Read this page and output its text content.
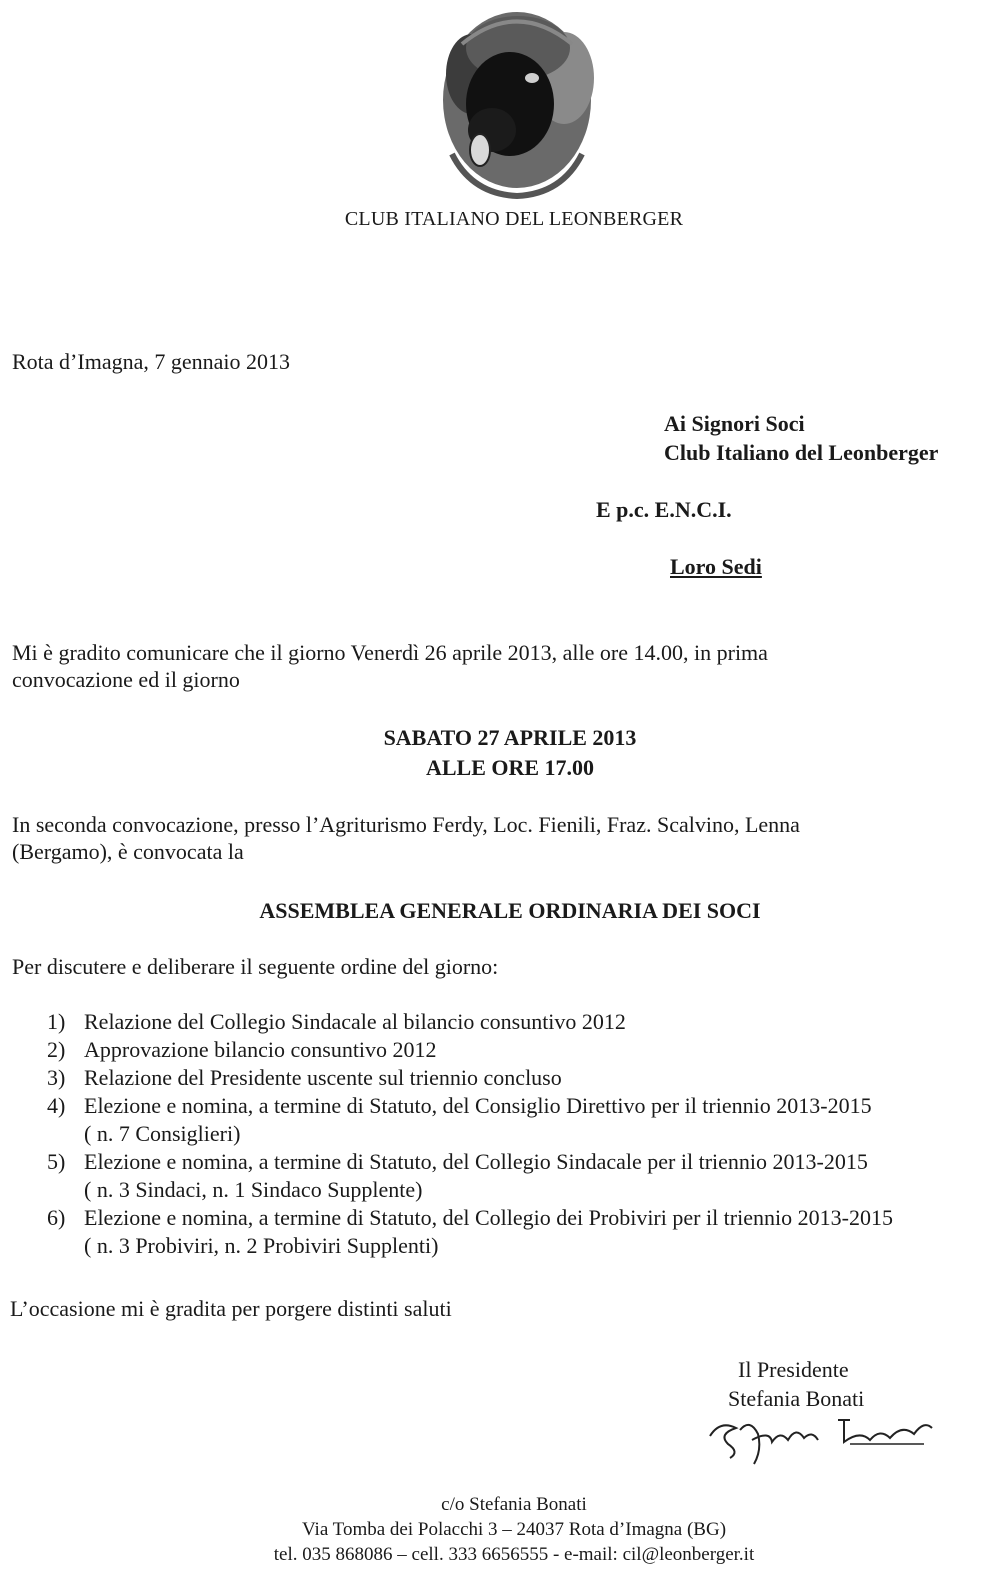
CLUB ITALIANO DEL LEONBERGER
Rota d’Imagna, 7 gennaio 2013
Ai Signori Soci
Club Italiano del Leonberger
E p.c. E.N.C.I.
Loro Sedi
Mi è gradito comunicare che il giorno Venerdì 26 aprile 2013, alle ore 14.00, in prima
convocazione ed il giorno
SABATO 27 APRILE 2013
ALLE ORE 17.00
In seconda convocazione, presso l’Agriturismo Ferdy, Loc. Fienili, Fraz. Scalvino, Lenna
(Bergamo), è convocata la
ASSEMBLEA GENERALE ORDINARIA DEI SOCI
Per discutere e deliberare il seguente ordine del giorno:
1) Relazione del Collegio Sindacale al bilancio consuntivo 2012
2) Approvazione bilancio consuntivo 2012
3) Relazione del Presidente uscente sul triennio concluso
4) Elezione e nomina, a termine di Statuto, del Consiglio Direttivo per il triennio 2013-2015
( n. 7 Consiglieri)
5) Elezione e nomina, a termine di Statuto, del Collegio Sindacale per il triennio 2013-2015
( n. 3 Sindaci, n. 1 Sindaco Supplente)
6) Elezione e nomina, a termine di Statuto, del Collegio dei Probiviri per il triennio 2013-2015
( n. 3 Probiviri, n. 2 Probiviri Supplenti)
L’occasione mi è gradita per porgere distinti saluti
Il Presidente
Stefania Bonati
c/o Stefania Bonati
Via Tomba dei Polacchi 3 – 24037 Rota d’Imagna (BG)
tel. 035 868086 – cell. 333 6656555 - e-mail: cil@leonberger.it
